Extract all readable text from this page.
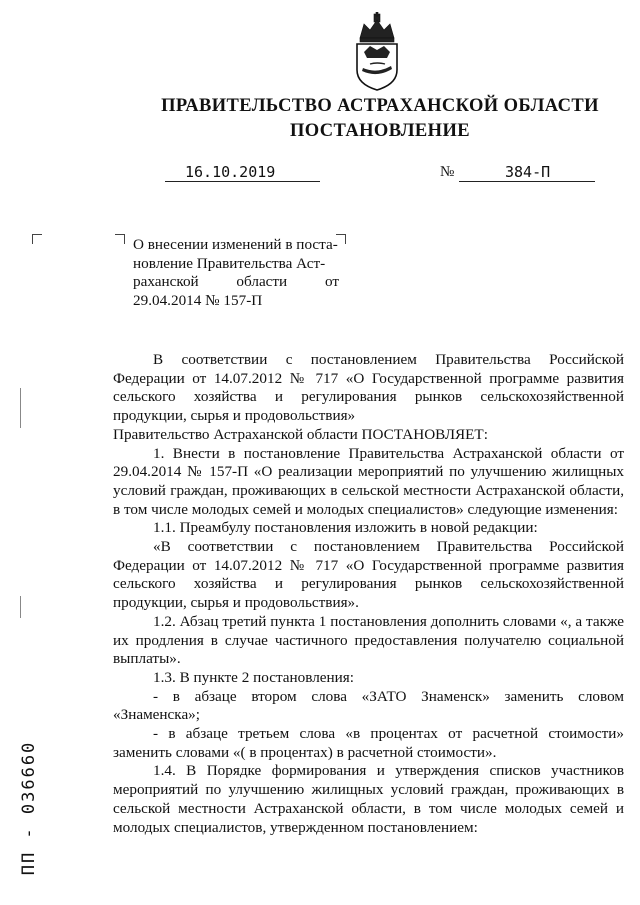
ПРАВИТЕЛЬСТВО АСТРАХАНСКОЙ ОБЛАСТИ
ПОСТАНОВЛЕНИЕ
16.10.2019	№	384-П
О внесении изменений в поста-
новление Правительства Аст-
раханской области от
29.04.2014 № 157-П

В соответствии с постановлением Правительства Российской Федерации от 14.07.2012 № 717 «О Государственной программе развития сельского хозяйства и регулирования рынков сельскохозяйственной продукции, сырья и продовольствия»

Правительство Астраханской области ПОСТАНОВЛЯЕТ:

1. Внести в постановление Правительства Астраханской области от 29.04.2014 № 157-П «О реализации мероприятий по улучшению жилищных условий граждан, проживающих в сельской местности Астраханской области, в том числе молодых семей и молодых специалистов» следующие изменения:

1.1. Преамбулу постановления изложить в новой редакции:

«В соответствии с постановлением Правительства Российской Федерации от 14.07.2012 № 717 «О Государственной программе развития сельского хозяйства и регулирования рынков сельскохозяйственной продукции, сырья и продовольствия».

1.2. Абзац третий пункта 1 постановления дополнить словами «, а также их продления в случае частичного предоставления получателю социальной выплаты».

1.3. В пункте 2 постановления:

- в абзаце втором слова «ЗАТО Знаменск» заменить словом «Знаменска»;

- в абзаце третьем слова «в процентах от расчетной стоимости» заменить словами «( в процентах) в расчетной стоимости».

1.4. В Порядке формирования и утверждения списков участников мероприятий по улучшению жилищных условий граждан, проживающих в сельской местности Астраханской области, в том числе молодых семей и молодых специалистов, утвержденном постановлением:

ПП - 036660
